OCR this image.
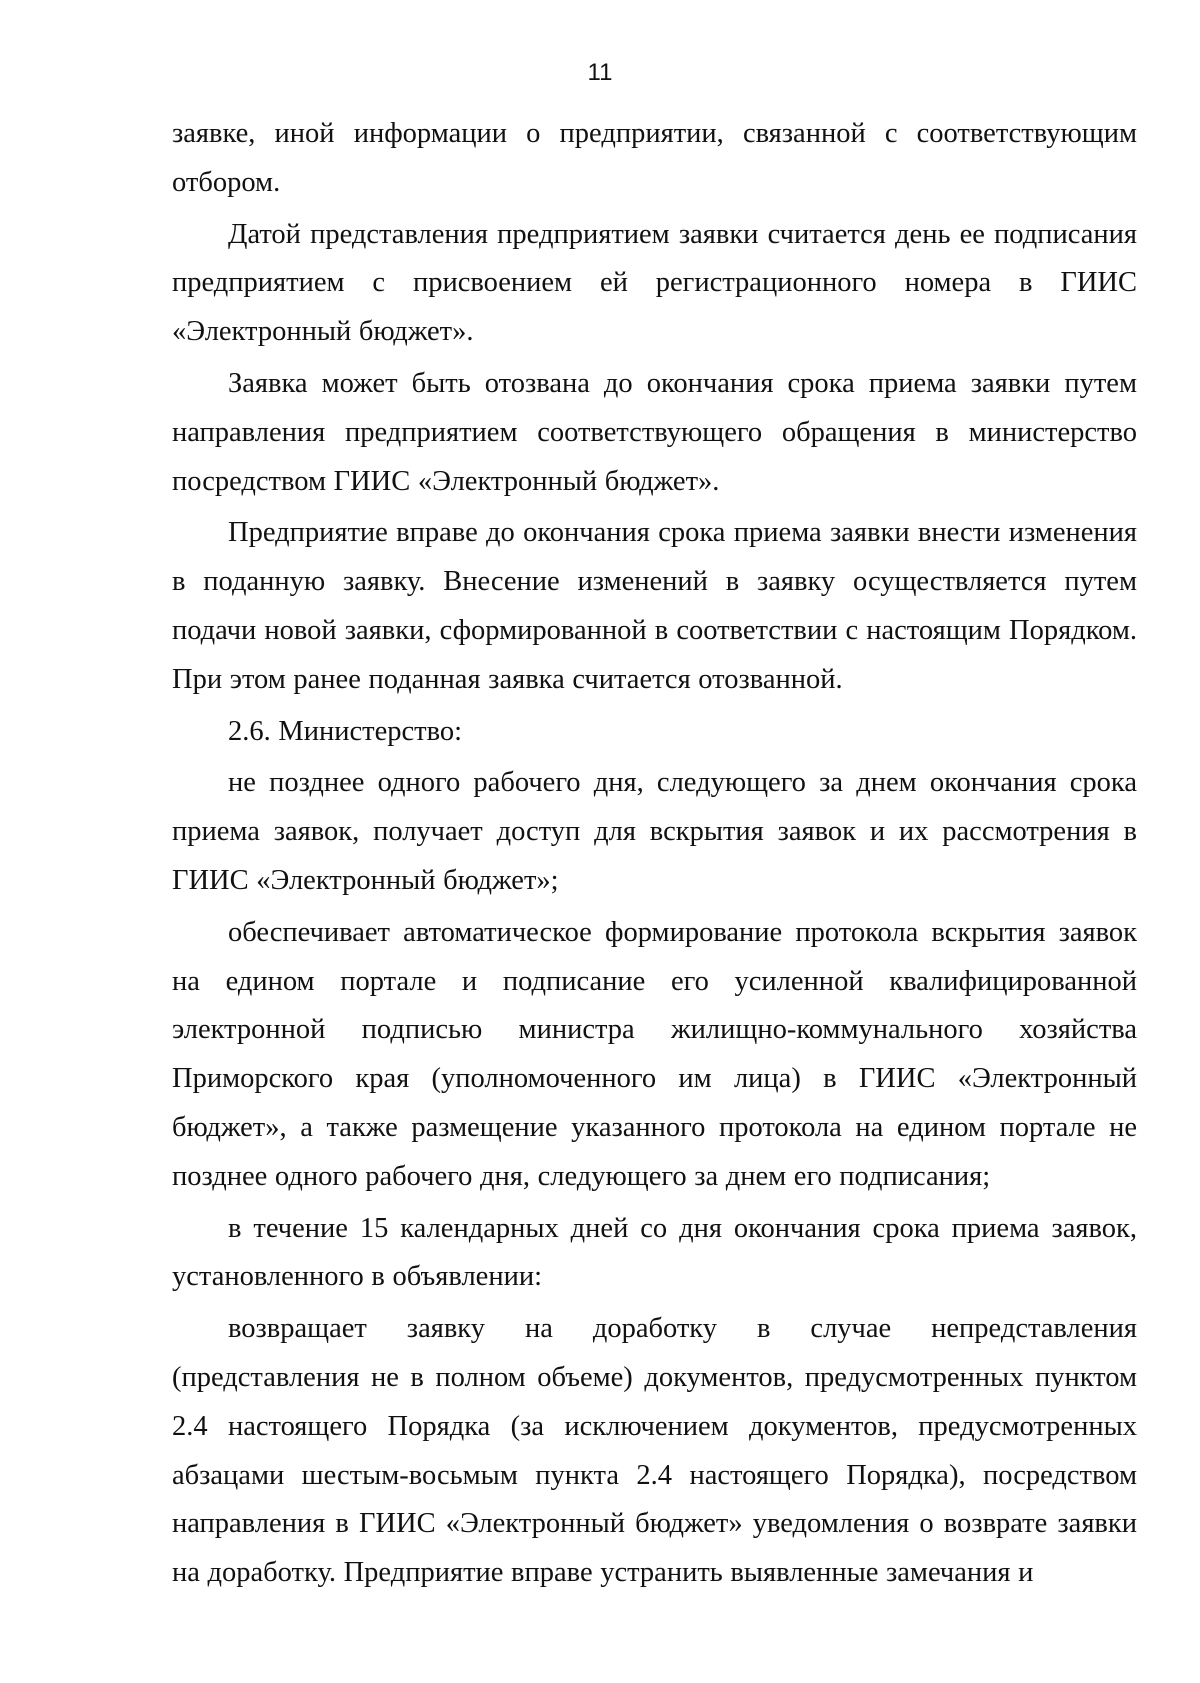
11

заявке, иной информации о предприятии, связанной с соответствующим отбором.

Датой представления предприятием заявки считается день ее подписания предприятием с присвоением ей регистрационного номера в ГИИС «Электронный бюджет».

Заявка может быть отозвана до окончания срока приема заявки путем направления предприятием соответствующего обращения в министерство посредством ГИИС «Электронный бюджет».

Предприятие вправе до окончания срока приема заявки внести изменения в поданную заявку. Внесение изменений в заявку осуществляется путем подачи новой заявки, сформированной в соответствии с настоящим Порядком. При этом ранее поданная заявка считается отозванной.

2.6. Министерство:

не позднее одного рабочего дня, следующего за днем окончания срока приема заявок, получает доступ для вскрытия заявок и их рассмотрения в ГИИС «Электронный бюджет»;

обеспечивает автоматическое формирование протокола вскрытия заявок на едином портале и подписание его усиленной квалифицированной электронной подписью министра жилищно-коммунального хозяйства Приморского края (уполномоченного им лица) в ГИИС «Электронный бюджет», а также размещение указанного протокола на едином портале не позднее одного рабочего дня, следующего за днем его подписания;

в течение 15 календарных дней со дня окончания срока приема заявок, установленного в объявлении:

возвращает заявку на доработку в случае непредставления (представления не в полном объеме) документов, предусмотренных пунктом 2.4 настоящего Порядка (за исключением документов, предусмотренных абзацами шестым-восьмым пункта 2.4 настоящего Порядка), посредством направления в ГИИС «Электронный бюджет» уведомления о возврате заявки на доработку. Предприятие вправе устранить выявленные замечания и
